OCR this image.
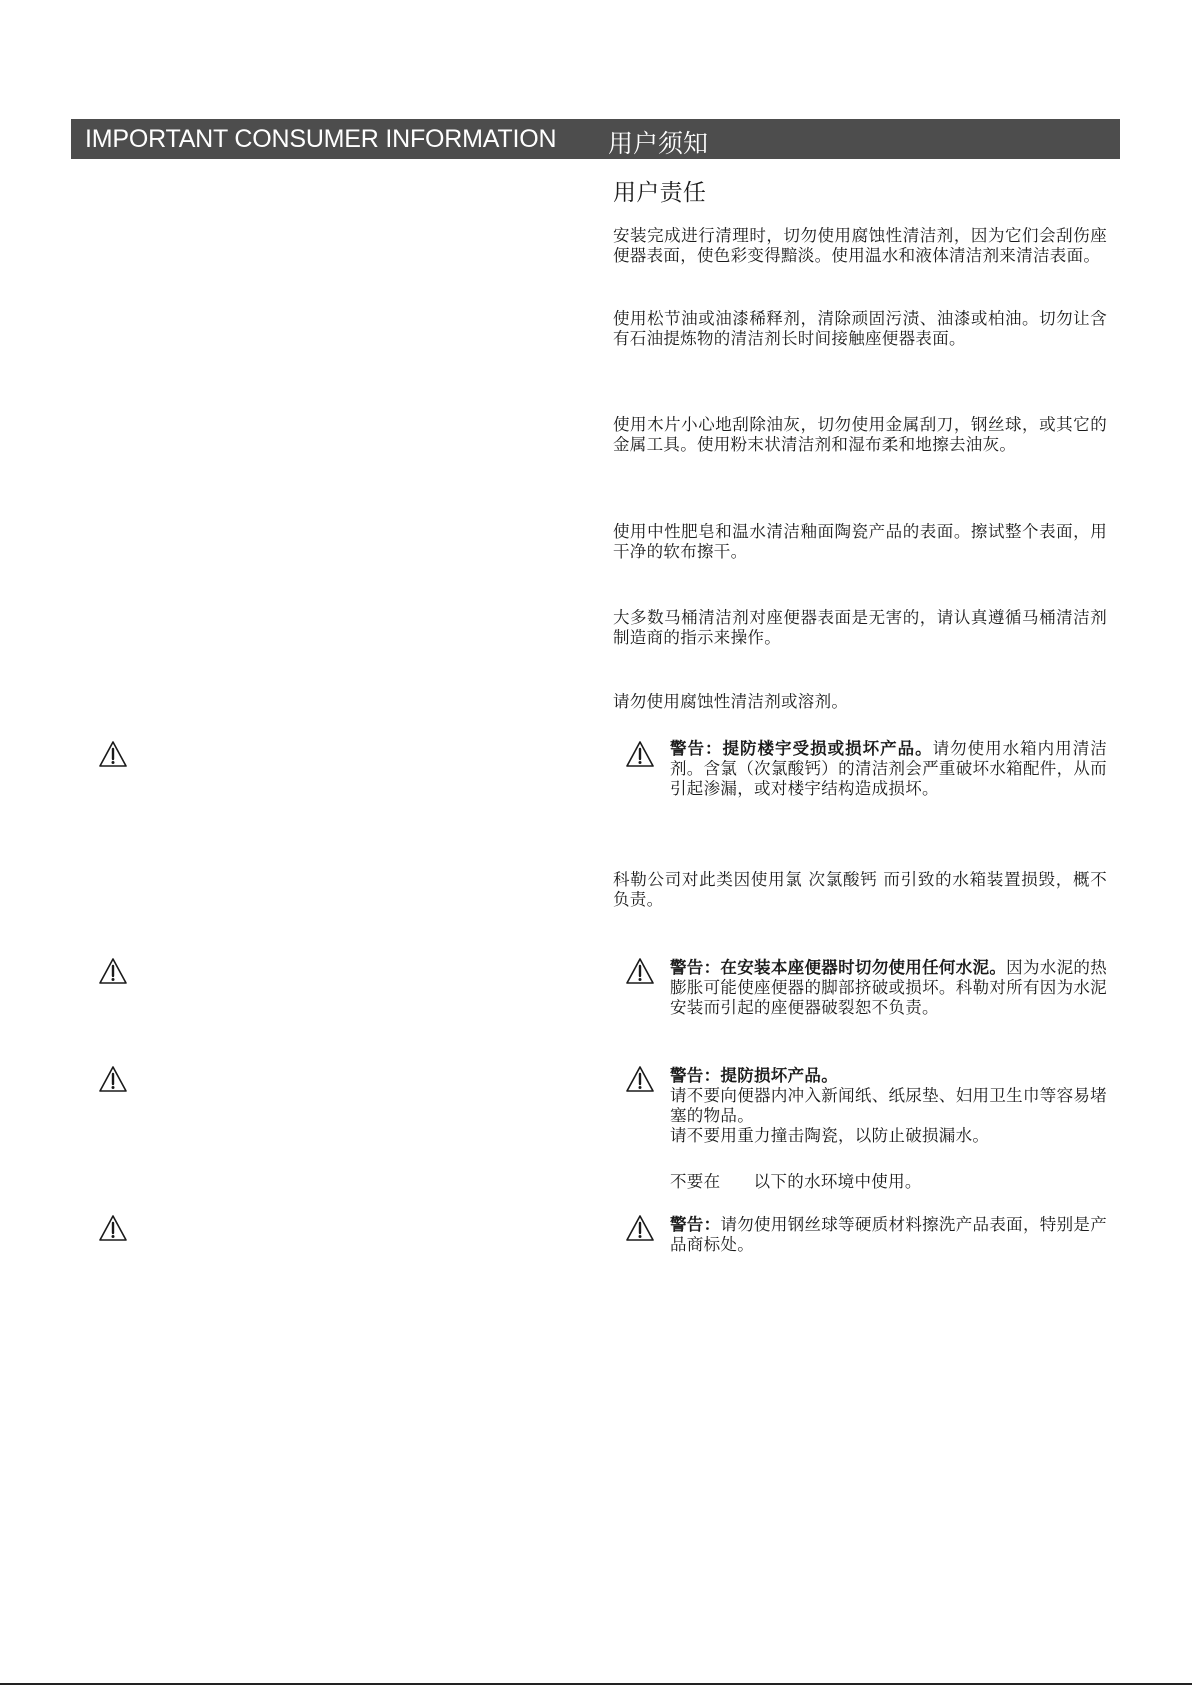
IMPORTANT CONSUMER INFORMATION 用户须知
用户责任
安装完成进行清理时，切勿使用腐蚀性清洁剂，因为它们会刮伤座便器表面，使色彩变得黯淡。使用温水和液体清洁剂来清洁表面。
使用松节油或油漆稀释剂，清除顽固污渍、油漆或柏油。切勿让含有石油提炼物的清洁剂长时间接触座便器表面。
使用木片小心地刮除油灰，切勿使用金属刮刀，钢丝球，或其它的金属工具。使用粉末状清洁剂和湿布柔和地擦去油灰。
使用中性肥皂和温水清洁釉面陶瓷产品的表面。擦试整个表面，用干净的软布擦干。
大多数马桶清洁剂对座便器表面是无害的，请认真遵循马桶清洁剂制造商的指示来操作。
请勿使用腐蚀性清洁剂或溶剂。
警告：提防楼宇受损或损坏产品。请勿使用水箱内用清洁剂。含氯（次氯酸钙）的清洁剂会严重破坏水箱配件，从而引起渗漏，或对楼宇结构造成损坏。
科勒公司对此类因使用氯 次氯酸钙 而引致的水箱装置损毁，概不负责。
警告：在安装本座便器时切勿使用任何水泥。因为水泥的热膨胀可能使座便器的脚部挤破或损坏。科勒对所有因为水泥安装而引起的座便器破裂恕不负责。
警告：提防损坏产品。
请不要向便器内冲入新闻纸、纸尿垫、妇用卫生巾等容易堵塞的物品。
请不要用重力撞击陶瓷，以防止破损漏水。
不要在      以下的水环境中使用。
警告：请勿使用钢丝球等硬质材料擦洗产品表面，特别是产品商标处。
